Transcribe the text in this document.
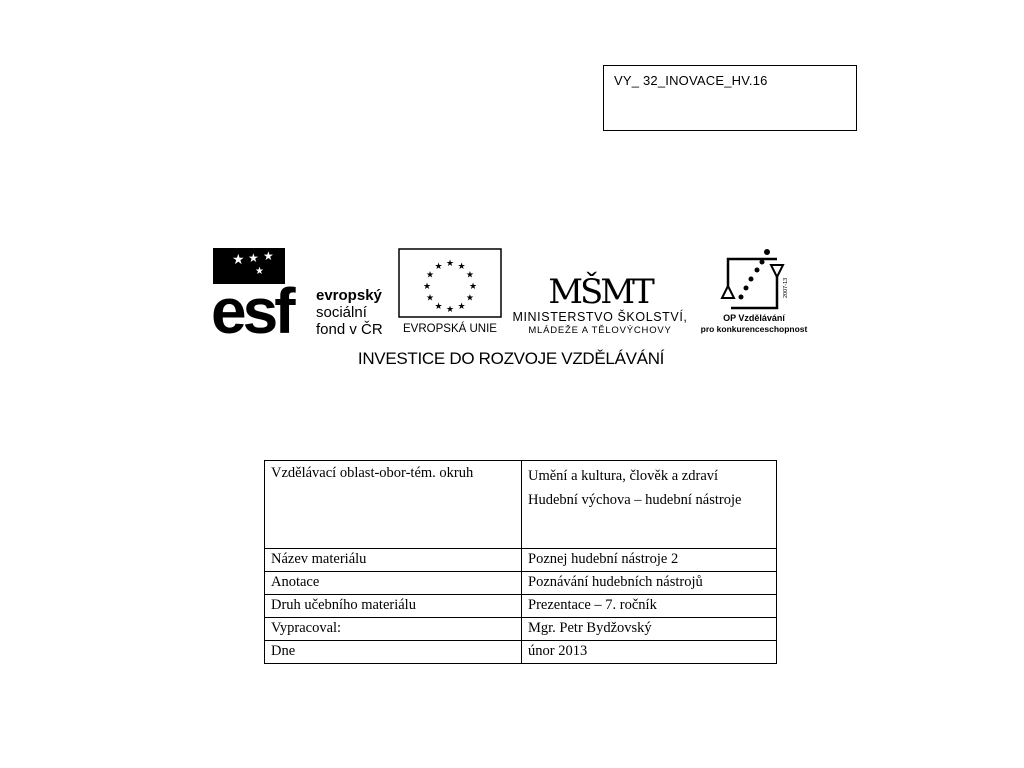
VY_ 32_INOVACE_HV.16
★ ★ ★
★
esf	evropský
sociální
fond v ČR
★ ★
★
★
★
★
★
★
★
★
★
★
EVROPSKÁ UNIE
MŠMT
MINISTERSTVO ŠKOLSTVÍ,
MLÁDEŽE A TĚLOVÝCHOVY
2007-13
OP Vzdělávání
pro konkurenceschopnost
INVESTICE DO ROZVOJE VZDĚLÁVÁNÍ
Vzdělávací oblast-obor-tém. okruh	Umění a kultura, člověk a zdraví
Hudební výchova – hudební nástroje

Název materiálu	Poznej hudební nástroje 2
Anotace	Poznávání hudebních nástrojů
Druh učebního materiálu	Prezentace – 7. ročník
Vypracoval:	Mgr. Petr Bydžovský
Dne	únor 2013
